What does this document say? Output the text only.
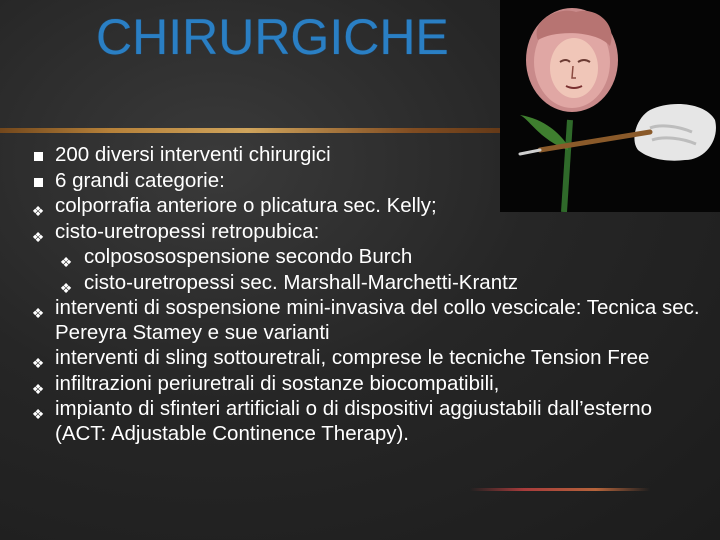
CHIRURGICHE
200 diversi interventi chirurgici
6 grandi categorie:
❖ colporrafia anteriore o plicatura sec. Kelly;
❖ cisto-uretropessi retropubica:
❖ colpososospensione secondo Burch
❖ cisto-uretropessi sec. Marshall-Marchetti-Krantz
❖ interventi di sospensione mini-invasiva del collo vescicale: Tecnica sec. Pereyra Stamey e sue varianti
❖ interventi di sling sottouretrali, comprese le tecniche Tension Free
❖ infiltrazioni periuretrali di sostanze biocompatibili,
❖ impianto di sfinteri artificiali o di dispositivi aggiustabili dall’esterno (ACT: Adjustable Continence Therapy).
